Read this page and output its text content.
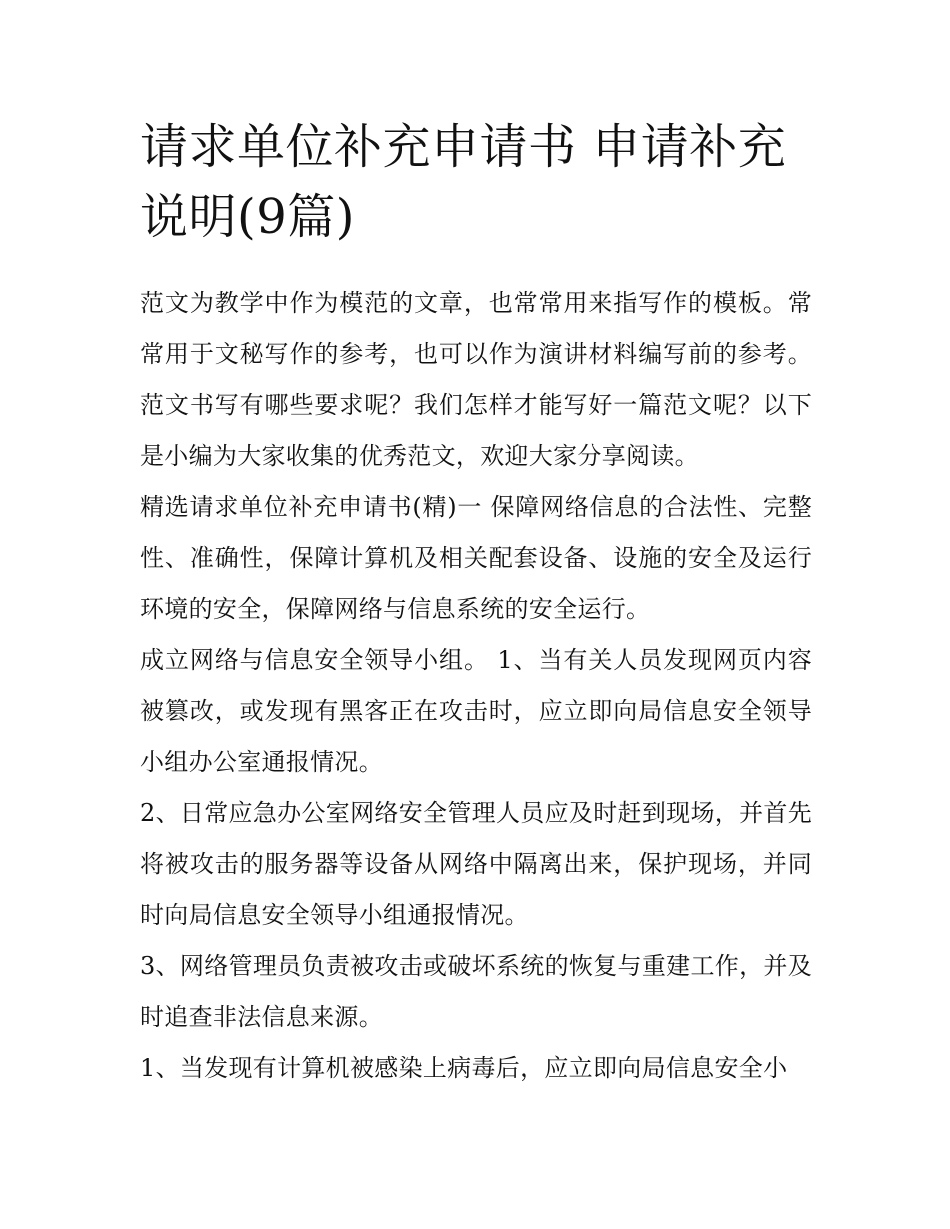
请求单位补充申请书 申请补充说明(9篇)

范文为教学中作为模范的文章，也常常用来指写作的模板。常常用于文秘写作的参考，也可以作为演讲材料编写前的参考。范文书写有哪些要求呢？我们怎样才能写好一篇范文呢？以下是小编为大家收集的优秀范文，欢迎大家分享阅读。

精选请求单位补充申请书(精)一 保障网络信息的合法性、完整性、准确性，保障计算机及相关配套设备、设施的安全及运行环境的安全，保障网络与信息系统的安全运行。

成立网络与信息安全领导小组。 1、当有关人员发现网页内容被篡改，或发现有黑客正在攻击时，应立即向局信息安全领导小组办公室通报情况。

2、日常应急办公室网络安全管理人员应及时赶到现场，并首先将被攻击的服务器等设备从网络中隔离出来，保护现场，并同时向局信息安全领导小组通报情况。

3、网络管理员负责被攻击或破坏系统的恢复与重建工作，并及时追查非法信息来源。

1、当发现有计算机被感染上病毒后，应立即向局信息安全小
